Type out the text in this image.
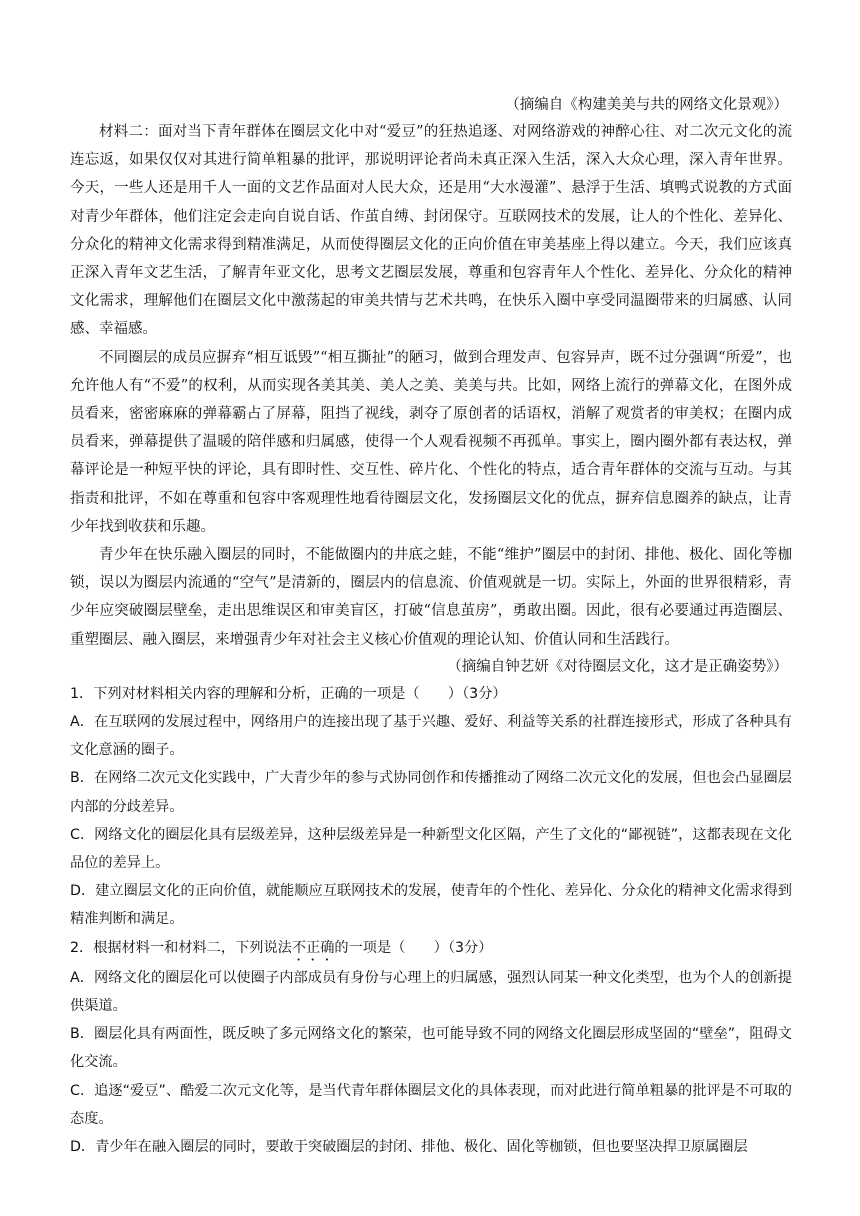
（摘编自《构建美美与共的网络文化景观》）

材料二：面对当下青年群体在圈层文化中对“爱豆”的狂热追逐、对网络游戏的神醉心往、对二次元文化的流连忘返，如果仅仅对其进行简单粗暴的批评，那说明评论者尚未真正深入生活，深入大众心理，深入青年世界。今天，一些人还是用千人一面的文艺作品面对人民大众，还是用“大水漫灌”、悬浮于生活、填鸭式说教的方式面对青少年群体，他们注定会走向自说自话、作茧自缚、封闭保守。互联网技术的发展，让人的个性化、差异化、分众化的精神文化需求得到精准满足，从而使得圈层文化的正向价值在审美基座上得以建立。今天，我们应该真正深入青年文艺生活，了解青年亚文化，思考文艺圈层发展，尊重和包容青年人个性化、差异化、分众化的精神文化需求，理解他们在圈层文化中激荡起的审美共情与艺术共鸣，在快乐入圈中享受同温圈带来的归属感、认同感、幸福感。

不同圈层的成员应摒弃“相互诋毁”“相互撕扯”的陋习，做到合理发声、包容异声，既不过分强调“所爱”，也允许他人有“不爱”的权利，从而实现各美其美、美人之美、美美与共。比如，网络上流行的弹幕文化，在图外成员看来，密密麻麻的弹幕霸占了屏幕，阻挡了视线，剥夺了原创者的话语权，消解了观赏者的审美权；在圈内成员看来，弹幕提供了温暖的陪伴感和归属感，使得一个人观看视频不再孤单。事实上，圈内圈外都有表达权，弹幕评论是一种短平快的评论，具有即时性、交互性、碎片化、个性化的特点，适合青年群体的交流与互动。与其指责和批评，不如在尊重和包容中客观理性地看待圈层文化，发扬圈层文化的优点，摒弃信息圈养的缺点，让青少年找到收获和乐趣。

青少年在快乐融入圈层的同时，不能做圈内的井底之蛙，不能“维护”圈层中的封闭、排他、极化、固化等枷锁，误以为圈层内流通的“空气”是清新的，圈层内的信息流、价值观就是一切。实际上，外面的世界很精彩，青少年应突破圈层壁垒，走出思维误区和审美盲区，打破“信息茧房”，勇敢出圈。因此，很有必要通过再造圈层、重塑圈层、融入圈层，来增强青少年对社会主义核心价值观的理论认知、价值认同和生活践行。

（摘编自钟艺妍《对待圈层文化，这才是正确姿势》）

1．下列对材料相关内容的理解和分析，正确的一项是（　　）（3分）

A．在互联网的发展过程中，网络用户的连接出现了基于兴趣、爱好、利益等关系的社群连接形式，形成了各种具有文化意涵的圈子。

B．在网络二次元文化实践中，广大青少年的参与式协同创作和传播推动了网络二次元文化的发展，但也会凸显圈层内部的分歧差异。

C．网络文化的圈层化具有层级差异，这种层级差异是一种新型文化区隔，产生了文化的“鄙视链”，这都表现在文化品位的差异上。

D．建立圈层文化的正向价值，就能顺应互联网技术的发展，使青年的个性化、差异化、分众化的精神文化需求得到精准判断和满足。

2．根据材料一和材料二，下列说法不正确的一项是（　　）（3分）

A．网络文化的圈层化可以使圈子内部成员有身份与心理上的归属感，强烈认同某一种文化类型，也为个人的创新提供渠道。

B．圈层化具有两面性，既反映了多元网络文化的繁荣，也可能导致不同的网络文化圈层形成坚固的“壁垒”，阻碍文化交流。

C．追逐“爱豆”、酷爱二次元文化等，是当代青年群体圈层文化的具体表现，而对此进行简单粗暴的批评是不可取的态度。

D．青少年在融入圈层的同时，要敢于突破圈层的封闭、排他、极化、固化等枷锁，但也要坚决捍卫原属圈层
